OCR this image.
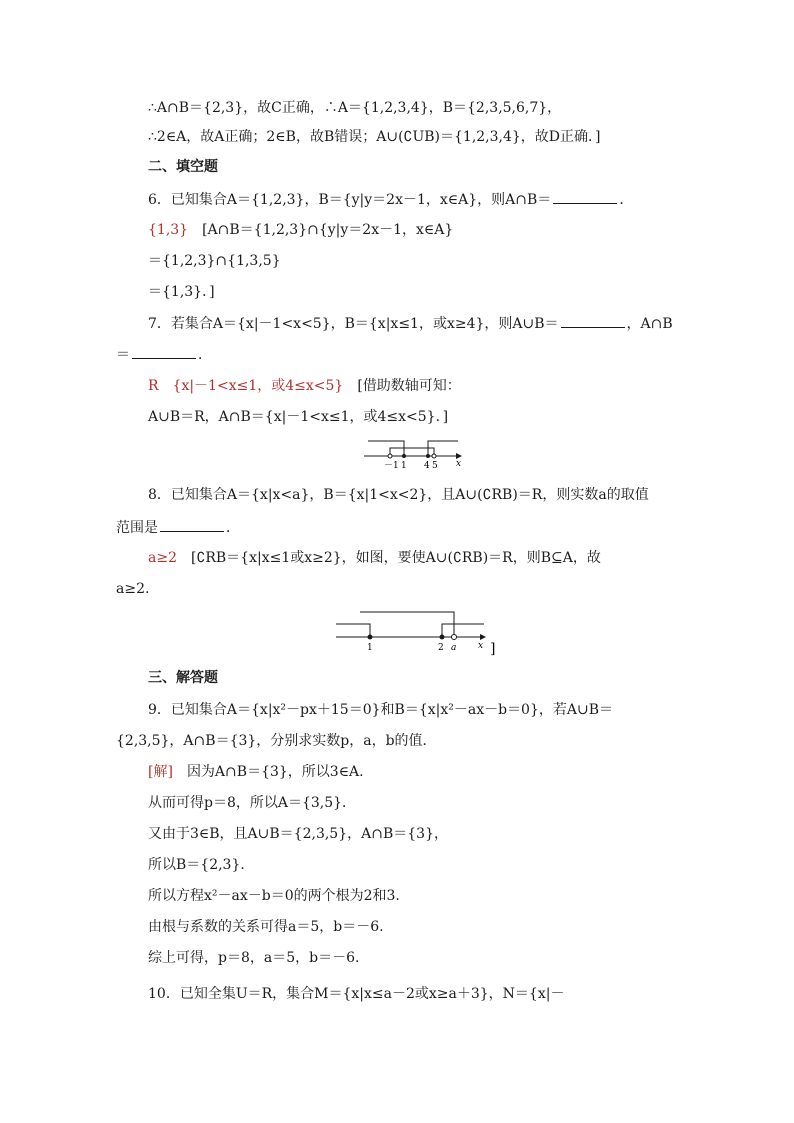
∴A∩B＝{2,3}，故C正确，∴A＝{1,2,3,4}，B＝{2,3,5,6,7}，
∴2∈A，故A正确；2∈B，故B错误；A∪(∁UB)＝{1,2,3,4}，故D正确．]
二、填空题
6．已知集合A＝{1,2,3}，B＝{y|y＝2x－1，x∈A}，则A∩B＝	．
{1,3}　 [A∩B＝{1,2,3}∩{y|y＝2x－1，x∈A}
＝{1,2,3}∩{1,3,5}
＝{1,3}．]
7．若集合A＝{x|－1<x<5}，B＝{x|x≤1，或x≥4}，则A∪B＝	，A∩B
＝	．
R　{x|－1<x≤1，或4≤x<5}　 [借助数轴可知：
A∪B＝R，A∩B＝{x|－1<x≤1，或4≤x<5}．]
－1 1 4 5 x
8．已知集合A＝{x|x<a}，B＝{x|1<x<2}，且A∪(∁RB)＝R，则实数a的取值
范围是	．
a≥2　 [∁RB＝{x|x≤1或x≥2}，如图，要使A∪(∁RB)＝R，则B⊆A，故
a≥2.
1	2 a x ]
三、解答题
9．已知集合A＝{x|x²－px＋15＝0}和B＝{x|x²－ax－b＝0}，若A∪B＝
{2,3,5}，A∩B＝{3}，分别求实数p，a，b的值．
[解]　 因为A∩B＝{3}，所以3∈A.
从而可得p＝8，所以A＝{3,5}．
又由于3∈B，且A∪B＝{2,3,5}，A∩B＝{3}，
所以B＝{2,3}．
所以方程x²－ax－b＝0的两个根为2和3.
由根与系数的关系可得a＝5，b＝－6.
综上可得，p＝8，a＝5，b＝－6.
10．已知全集U＝R，集合M＝{x|x≤a－2或x≥a＋3}，N＝{x|－
